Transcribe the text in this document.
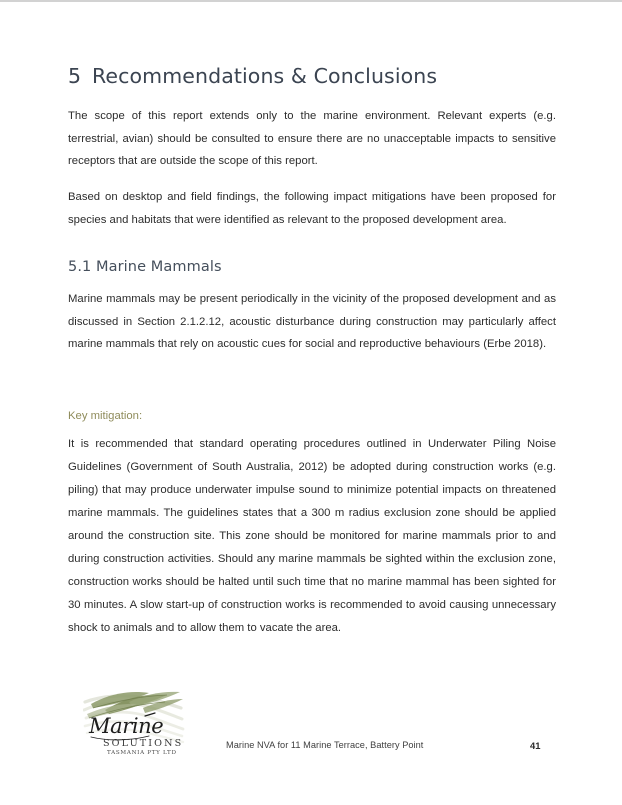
5 Recommendations & Conclusions

The scope of this report extends only to the marine environment. Relevant experts (e.g. terrestrial, avian) should be consulted to ensure there are no unacceptable impacts to sensitive receptors that are outside the scope of this report.

Based on desktop and field findings, the following impact mitigations have been proposed for species and habitats that were identified as relevant to the proposed development area.

5.1 Marine Mammals

Marine mammals may be present periodically in the vicinity of the proposed development and as discussed in Section 2.1.2.12, acoustic disturbance during construction may particularly affect marine mammals that rely on acoustic cues for social and reproductive behaviours (Erbe 2018).

Key mitigation:

It is recommended that standard operating procedures outlined in Underwater Piling Noise Guidelines (Government of South Australia, 2012) be adopted during construction works (e.g. piling) that may produce underwater impulse sound to minimize potential impacts on threatened marine mammals. The guidelines states that a 300 m radius exclusion zone should be applied around the construction site. This zone should be monitored for marine mammals prior to and during construction activities. Should any marine mammals be sighted within the exclusion zone, construction works should be halted until such time that no marine mammal has been sighted for 30 minutes. A slow start-up of construction works is recommended to avoid causing unnecessary shock to animals and to allow them to vacate the area.

Marine
SOLUTIONS
TASMANIA PTY LTD
Marine NVA for 11 Marine Terrace, Battery Point	41
